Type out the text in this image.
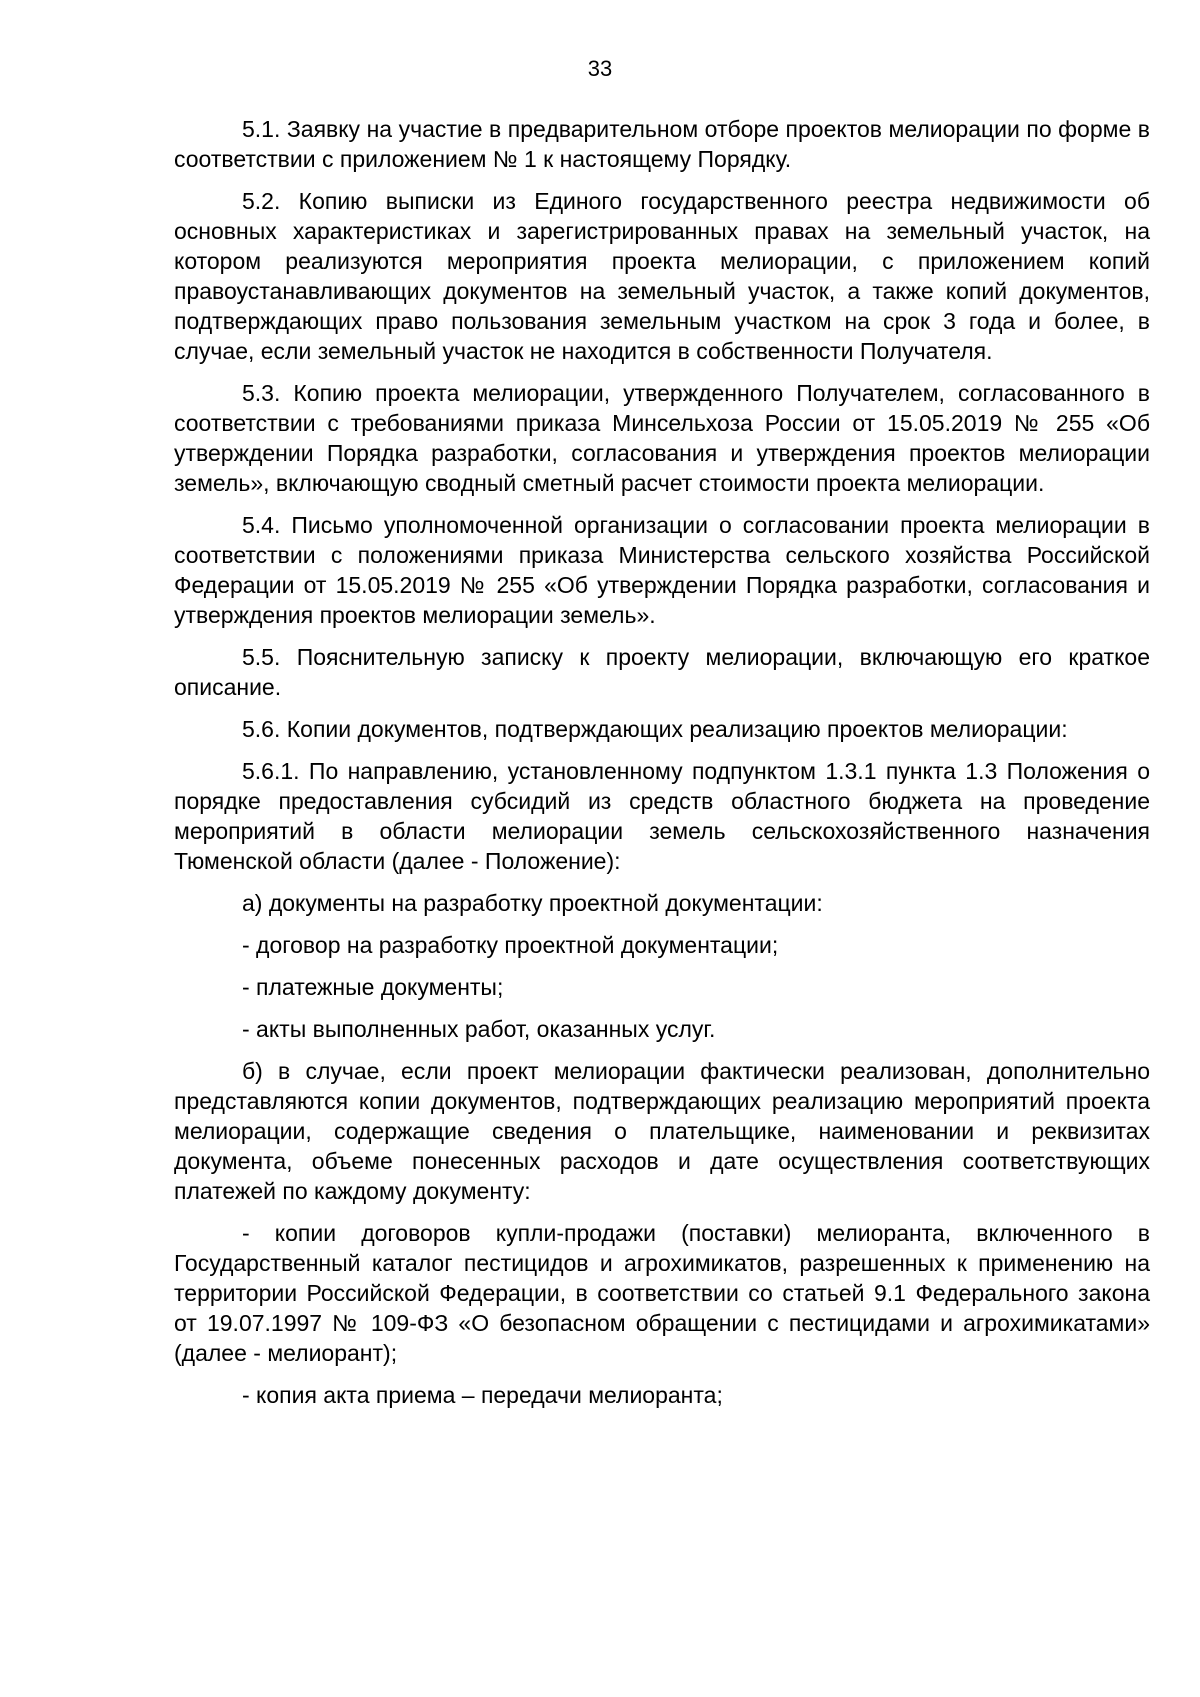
33

5.1. Заявку на участие в предварительном отборе проектов мелиорации по форме в соответствии с приложением № 1 к настоящему Порядку.

5.2. Копию выписки из Единого государственного реестра недвижимости об основных характеристиках и зарегистрированных правах на земельный участок, на котором реализуются мероприятия проекта мелиорации, с приложением копий правоустанавливающих документов на земельный участок, а также копий документов, подтверждающих право пользования земельным участком на срок 3 года и более, в случае, если земельный участок не находится в собственности Получателя.

5.3. Копию проекта мелиорации, утвержденного Получателем, согласованного в соответствии с требованиями приказа Минсельхоза России от 15.05.2019 № 255 «Об утверждении Порядка разработки, согласования и утверждения проектов мелиорации земель», включающую сводный сметный расчет стоимости проекта мелиорации.

5.4. Письмо уполномоченной организации о согласовании проекта мелиорации в соответствии с положениями приказа Министерства сельского хозяйства Российской Федерации от 15.05.2019 № 255 «Об утверждении Порядка разработки, согласования и утверждения проектов мелиорации земель».

5.5. Пояснительную записку к проекту мелиорации, включающую его краткое описание.

5.6. Копии документов, подтверждающих реализацию проектов мелиорации:

5.6.1. По направлению, установленному подпунктом 1.3.1 пункта 1.3 Положения о порядке предоставления субсидий из средств областного бюджета на проведение мероприятий в области мелиорации земель сельскохозяйственного назначения Тюменской области (далее - Положение):

а) документы на разработку проектной документации:

- договор на разработку проектной документации;

- платежные документы;

- акты выполненных работ, оказанных услуг.

б) в случае, если проект мелиорации фактически реализован, дополнительно представляются копии документов, подтверждающих реализацию мероприятий проекта мелиорации, содержащие сведения о плательщике, наименовании и реквизитах документа, объеме понесенных расходов и дате осуществления соответствующих платежей по каждому документу:

- копии договоров купли-продажи (поставки) мелиоранта, включенного в Государственный каталог пестицидов и агрохимикатов, разрешенных к применению на территории Российской Федерации, в соответствии со статьей 9.1 Федерального закона от 19.07.1997 № 109-ФЗ «О безопасном обращении с пестицидами и агрохимикатами» (далее - мелиорант);

- копия акта приема – передачи мелиоранта;
